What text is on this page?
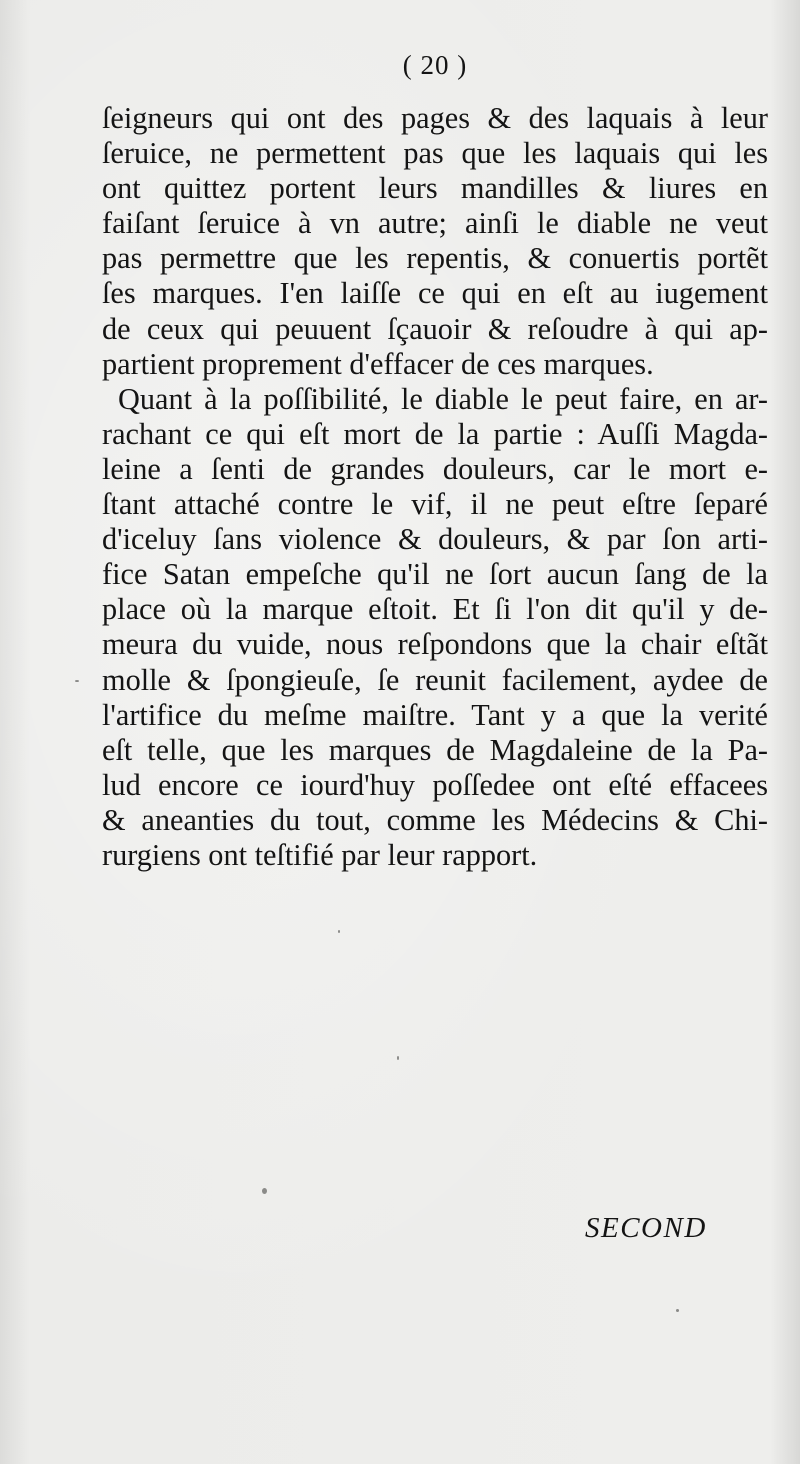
( 20 )
ſeigneurs qui ont des pages & des laquais à leur
ſeruice, ne permettent pas que les laquais qui les
ont quittez portent leurs mandilles & liures en
faiſant ſeruice à vn autre; ainſi le diable ne veut
pas permettre que les repentis, & conuertis portẽt
ſes marques. I'en laiſſe ce qui en eſt au iugement
de ceux qui peuuent ſçauoir & reſoudre à qui ap-
partient proprement d'effacer de ces marques.
Quant à la poſſibilité, le diable le peut faire, en ar-
rachant ce qui eſt mort de la partie : Auſſi Magda-
leine a ſenti de grandes douleurs, car le mort e-
ſtant attaché contre le vif, il ne peut eſtre ſeparé
d'iceluy ſans violence & douleurs, & par ſon arti-
fice Satan empeſche qu'il ne ſort aucun ſang de la
place où la marque eſtoit. Et ſi l'on dit qu'il y de-
meura du vuide, nous reſpondons que la chair eſtãt
molle & ſpongieuſe, ſe reunit facilement, aydee de
l'artifice du meſme maiſtre. Tant y a que la verité
eſt telle, que les marques de Magdaleine de la Pa-
lud encore ce iourd'huy poſſedee ont eſté effacees
& aneanties du tout, comme les Médecins & Chi-
rurgiens ont teſtifié par leur rapport.
SECOND
